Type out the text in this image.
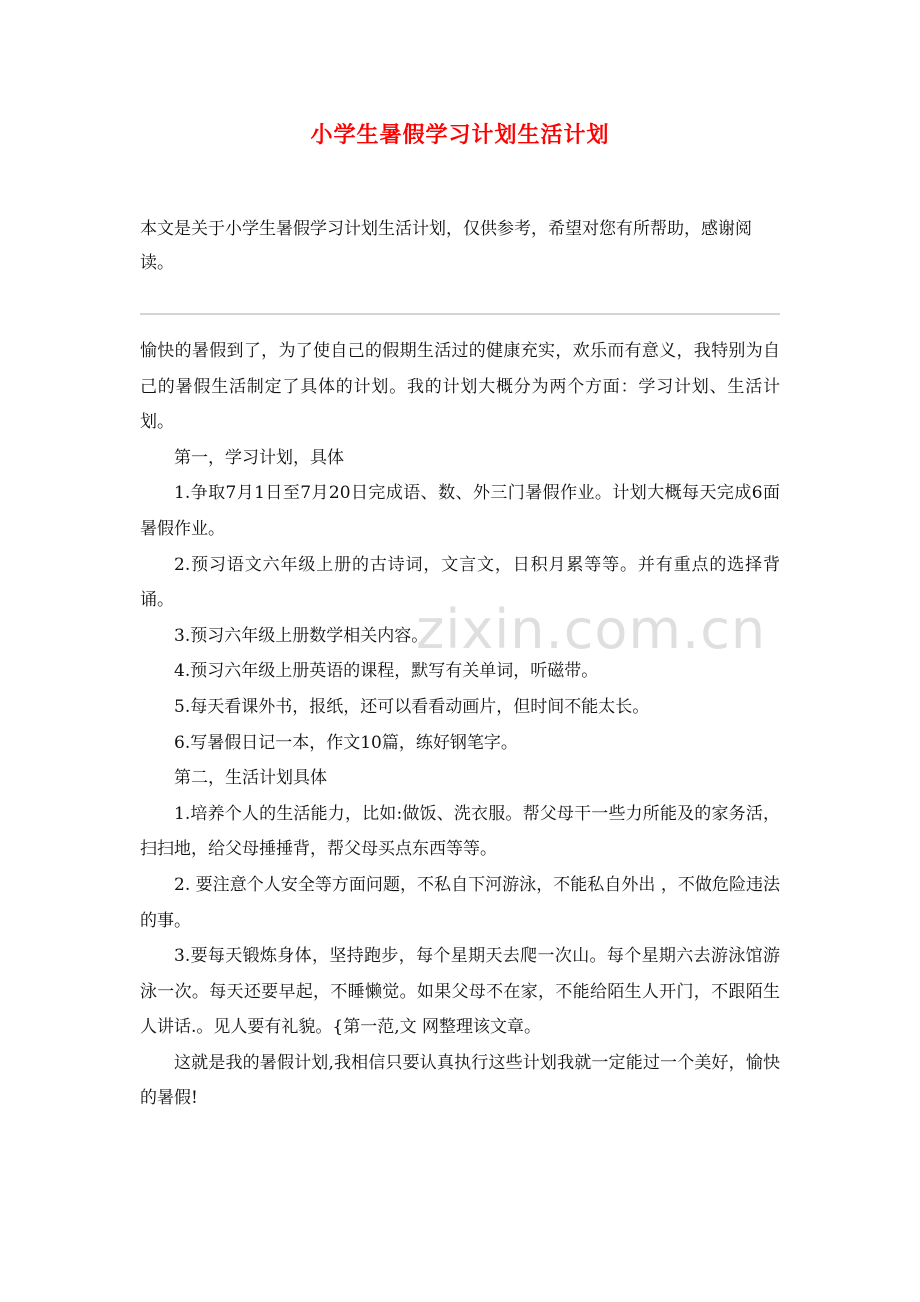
小学生暑假学习计划生活计划
本文是关于小学生暑假学习计划生活计划，仅供参考，希望对您有所帮助，感谢阅读。

愉快的暑假到了，为了使自己的假期生活过的健康充实，欢乐而有意义，我特别为自己的暑假生活制定了具体的计划。我的计划大概分为两个方面：学习计划、生活计划。

第一，学习计划，具体

1.争取7月1日至7月20日完成语、数、外三门暑假作业。计划大概每天完成6面暑假作业。

2.预习语文六年级上册的古诗词，文言文，日积月累等等。并有重点的选择背诵。

3.预习六年级上册数学相关内容。

4.预习六年级上册英语的课程，默写有关单词，听磁带。

5.每天看课外书，报纸，还可以看看动画片，但时间不能太长。

6.写暑假日记一本，作文10篇，练好钢笔字。

第二，生活计划具体

1.培养个人的生活能力，比如:做饭、洗衣服。帮父母干一些力所能及的家务活，扫扫地，给父母捶捶背，帮父母买点东西等等。

2. 要注意个人安全等方面问题，不私自下河游泳，不能私自外出 ，不做危险违法的事。

3.要每天锻炼身体，坚持跑步，每个星期天去爬一次山。每个星期六去游泳馆游泳一次。每天还要早起，不睡懒觉。如果父母不在家，不能给陌生人开门，不跟陌生人讲话.。见人要有礼貌。{第一范,文 网整理该文章。

这就是我的暑假计划,我相信只要认真执行这些计划我就一定能过一个美好，愉快的暑假!

zixin.com.cn
